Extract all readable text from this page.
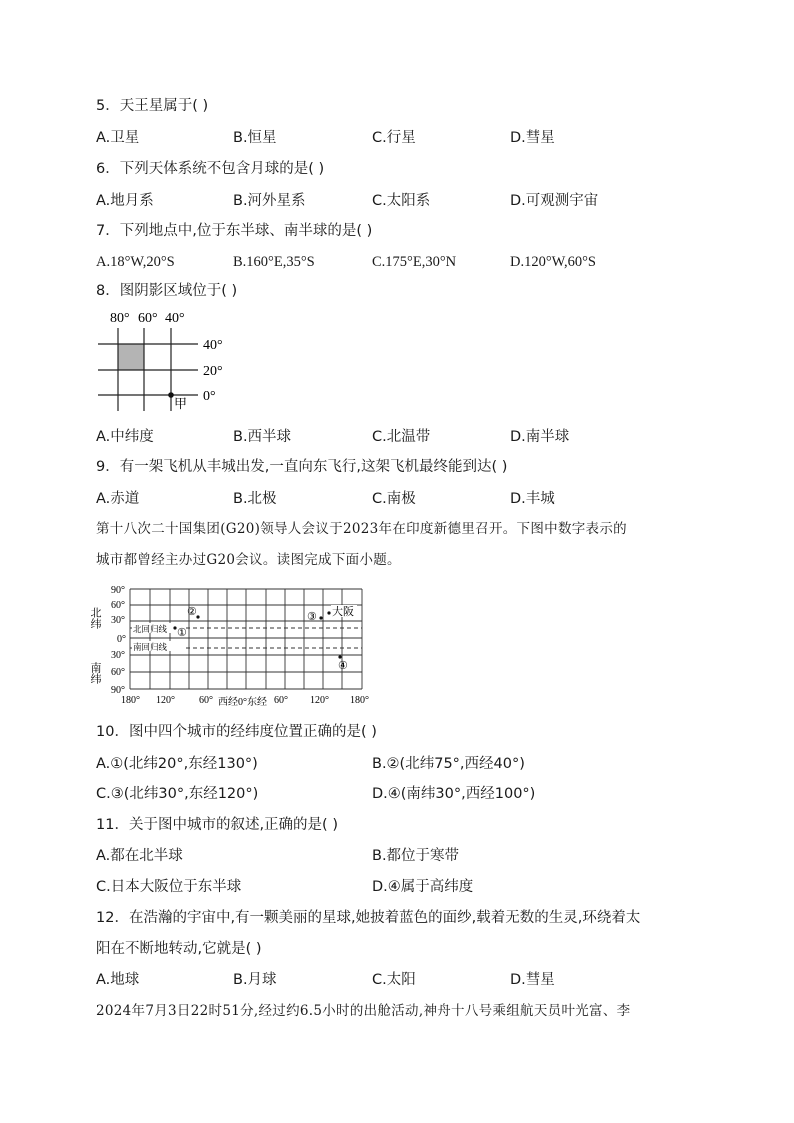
5．天王星属于( )
A.卫星	B.恒星	C.行星	D.彗星
6．下列天体系统不包含月球的是( )
A.地月系	B.河外星系	C.太阳系	D.可观测宇宙
7．下列地点中,位于东半球、南半球的是( )
A.18°W,20°S	B.160°E,35°S	C.175°E,30°N	D.120°W,60°S
8．图阴影区域位于( )
80° 60° 40°
甲
40°
20°
0°
A.中纬度	B.西半球	C.北温带	D.南半球
9．有一架飞机从丰城出发,一直向东飞行,这架飞机最终能到达( )
A.赤道	B.北极	C.南极	D.丰城
第十八次二十国集团(G20)领导人会议于2023年在印度新德里召开。下图中数字表示的
城市都曾经主办过G20会议。读图完成下面小题。
北纬
南纬
90°
60°
30°
0°
30°
60°
90°
北回归线
南回归线
①
②	③ 大阪
④
180° 120° 60° 西经0°东经 60° 120° 180°
10．图中四个城市的经纬度位置正确的是( )
A.①(北纬20°,东经130°)	B.②(北纬75°,西经40°)
C.③(北纬30°,东经120°)	D.④(南纬30°,西经100°)
11．关于图中城市的叙述,正确的是( )
A.都在北半球	B.都位于寒带
C.日本大阪位于东半球	D.④属于高纬度
12．在浩瀚的宇宙中,有一颗美丽的星球,她披着蓝色的面纱,载着无数的生灵,环绕着太
阳在不断地转动,它就是( )
A.地球	B.月球	C.太阳	D.彗星
2024年7月3日22时51分,经过约6.5小时的出舱活动,神舟十八号乘组航天员叶光富、李
